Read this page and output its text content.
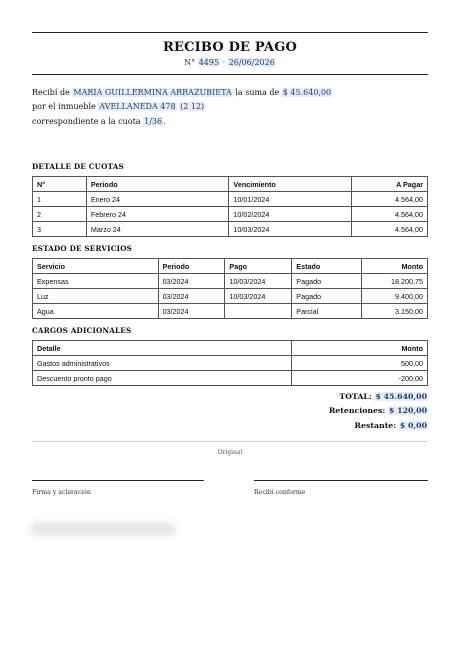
RECIBO DE PAGO
N° 4495 · 26/06/2026
Recibí de MARIA GUILLERMINA ARRAZUBIETA la suma de $ 45.640,00
por el inmueble AVELLANEDA 478 (2 12)
correspondiente a la cuota 1/36.
DETALLE DE CUOTAS
N°	Periodo	Vencimiento	A Pagar
1	Enero 24	10/01/2024	4.564,00
2	Febrero 24	10/02/2024	4.564,00
3	Marzo 24	10/03/2024	4.564,00
ESTADO DE SERVICIOS
Servicio	Periodo	Pago	Estado	Monto
Expensas	03/2024	10/03/2024	Pagado	18.200,75
Luz	03/2024	10/03/2024	Pagado	9.400,00
Agua	03/2024		Parcial	3.150,00
CARGOS ADICIONALES
Detalle	Monto
Gastos administrativos	500,00
Descuento pronto pago	-200,00
TOTAL: $ 45.640,00
Retenciones: $ 120,00
Restante: $ 0,00
Original
Firma y aclaración	Recibí conforme
